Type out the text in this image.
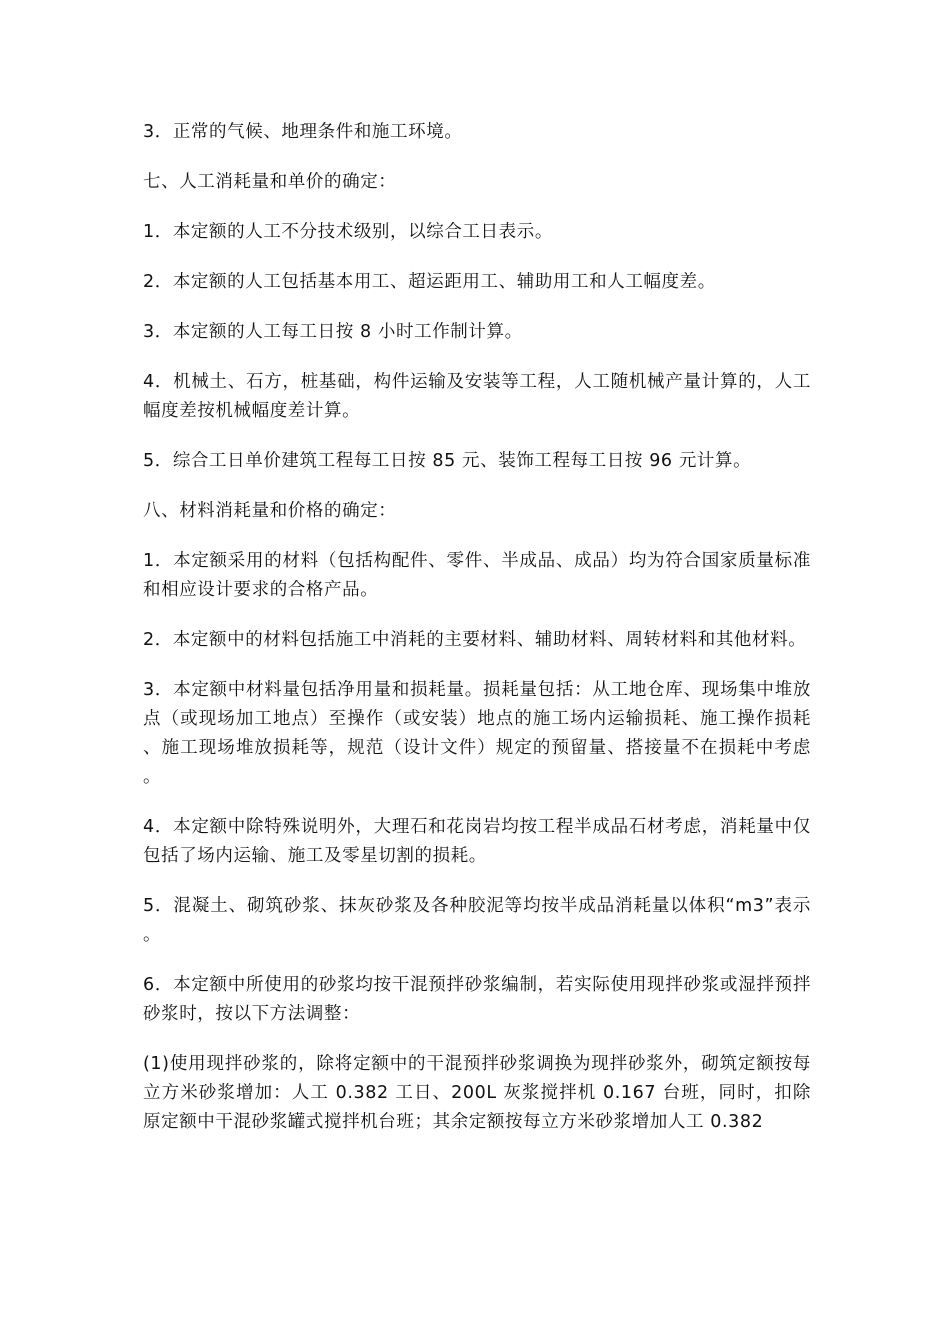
3．正常的气候、地理条件和施工环境。

七、人工消耗量和单价的确定：

1．本定额的人工不分技术级别，以综合工日表示。

2．本定额的人工包括基本用工、超运距用工、辅助用工和人工幅度差。

3．本定额的人工每工日按 8 小时工作制计算。

4．机械土、石方，桩基础，构件运输及安装等工程，人工随机械产量计算的，人工幅度差按机械幅度差计算。

5．综合工日单价建筑工程每工日按 85 元、装饰工程每工日按 96 元计算。

八、材料消耗量和价格的确定：

1．本定额采用的材料（包括构配件、零件、半成品、成品）均为符合国家质量标准和相应设计要求的合格产品。

2．本定额中的材料包括施工中消耗的主要材料、辅助材料、周转材料和其他材料。

3．本定额中材料量包括净用量和损耗量。损耗量包括：从工地仓库、现场集中堆放点（或现场加工地点）至操作（或安装）地点的施工场内运输损耗、施工操作损耗、施工现场堆放损耗等，规范（设计文件）规定的预留量、搭接量不在损耗中考虑。

4．本定额中除特殊说明外，大理石和花岗岩均按工程半成品石材考虑，消耗量中仅包括了场内运输、施工及零星切割的损耗。

5．混凝土、砌筑砂浆、抹灰砂浆及各种胶泥等均按半成品消耗量以体积“m3”表示。

6．本定额中所使用的砂浆均按干混预拌砂浆编制，若实际使用现拌砂浆或湿拌预拌砂浆时，按以下方法调整：

(1)使用现拌砂浆的，除将定额中的干混预拌砂浆调换为现拌砂浆外，砌筑定额按每立方米砂浆增加：人工 0.382 工日、200L 灰浆搅拌机 0.167 台班，同时，扣除原定额中干混砂浆罐式搅拌机台班；其余定额按每立方米砂浆增加人工 0.382
